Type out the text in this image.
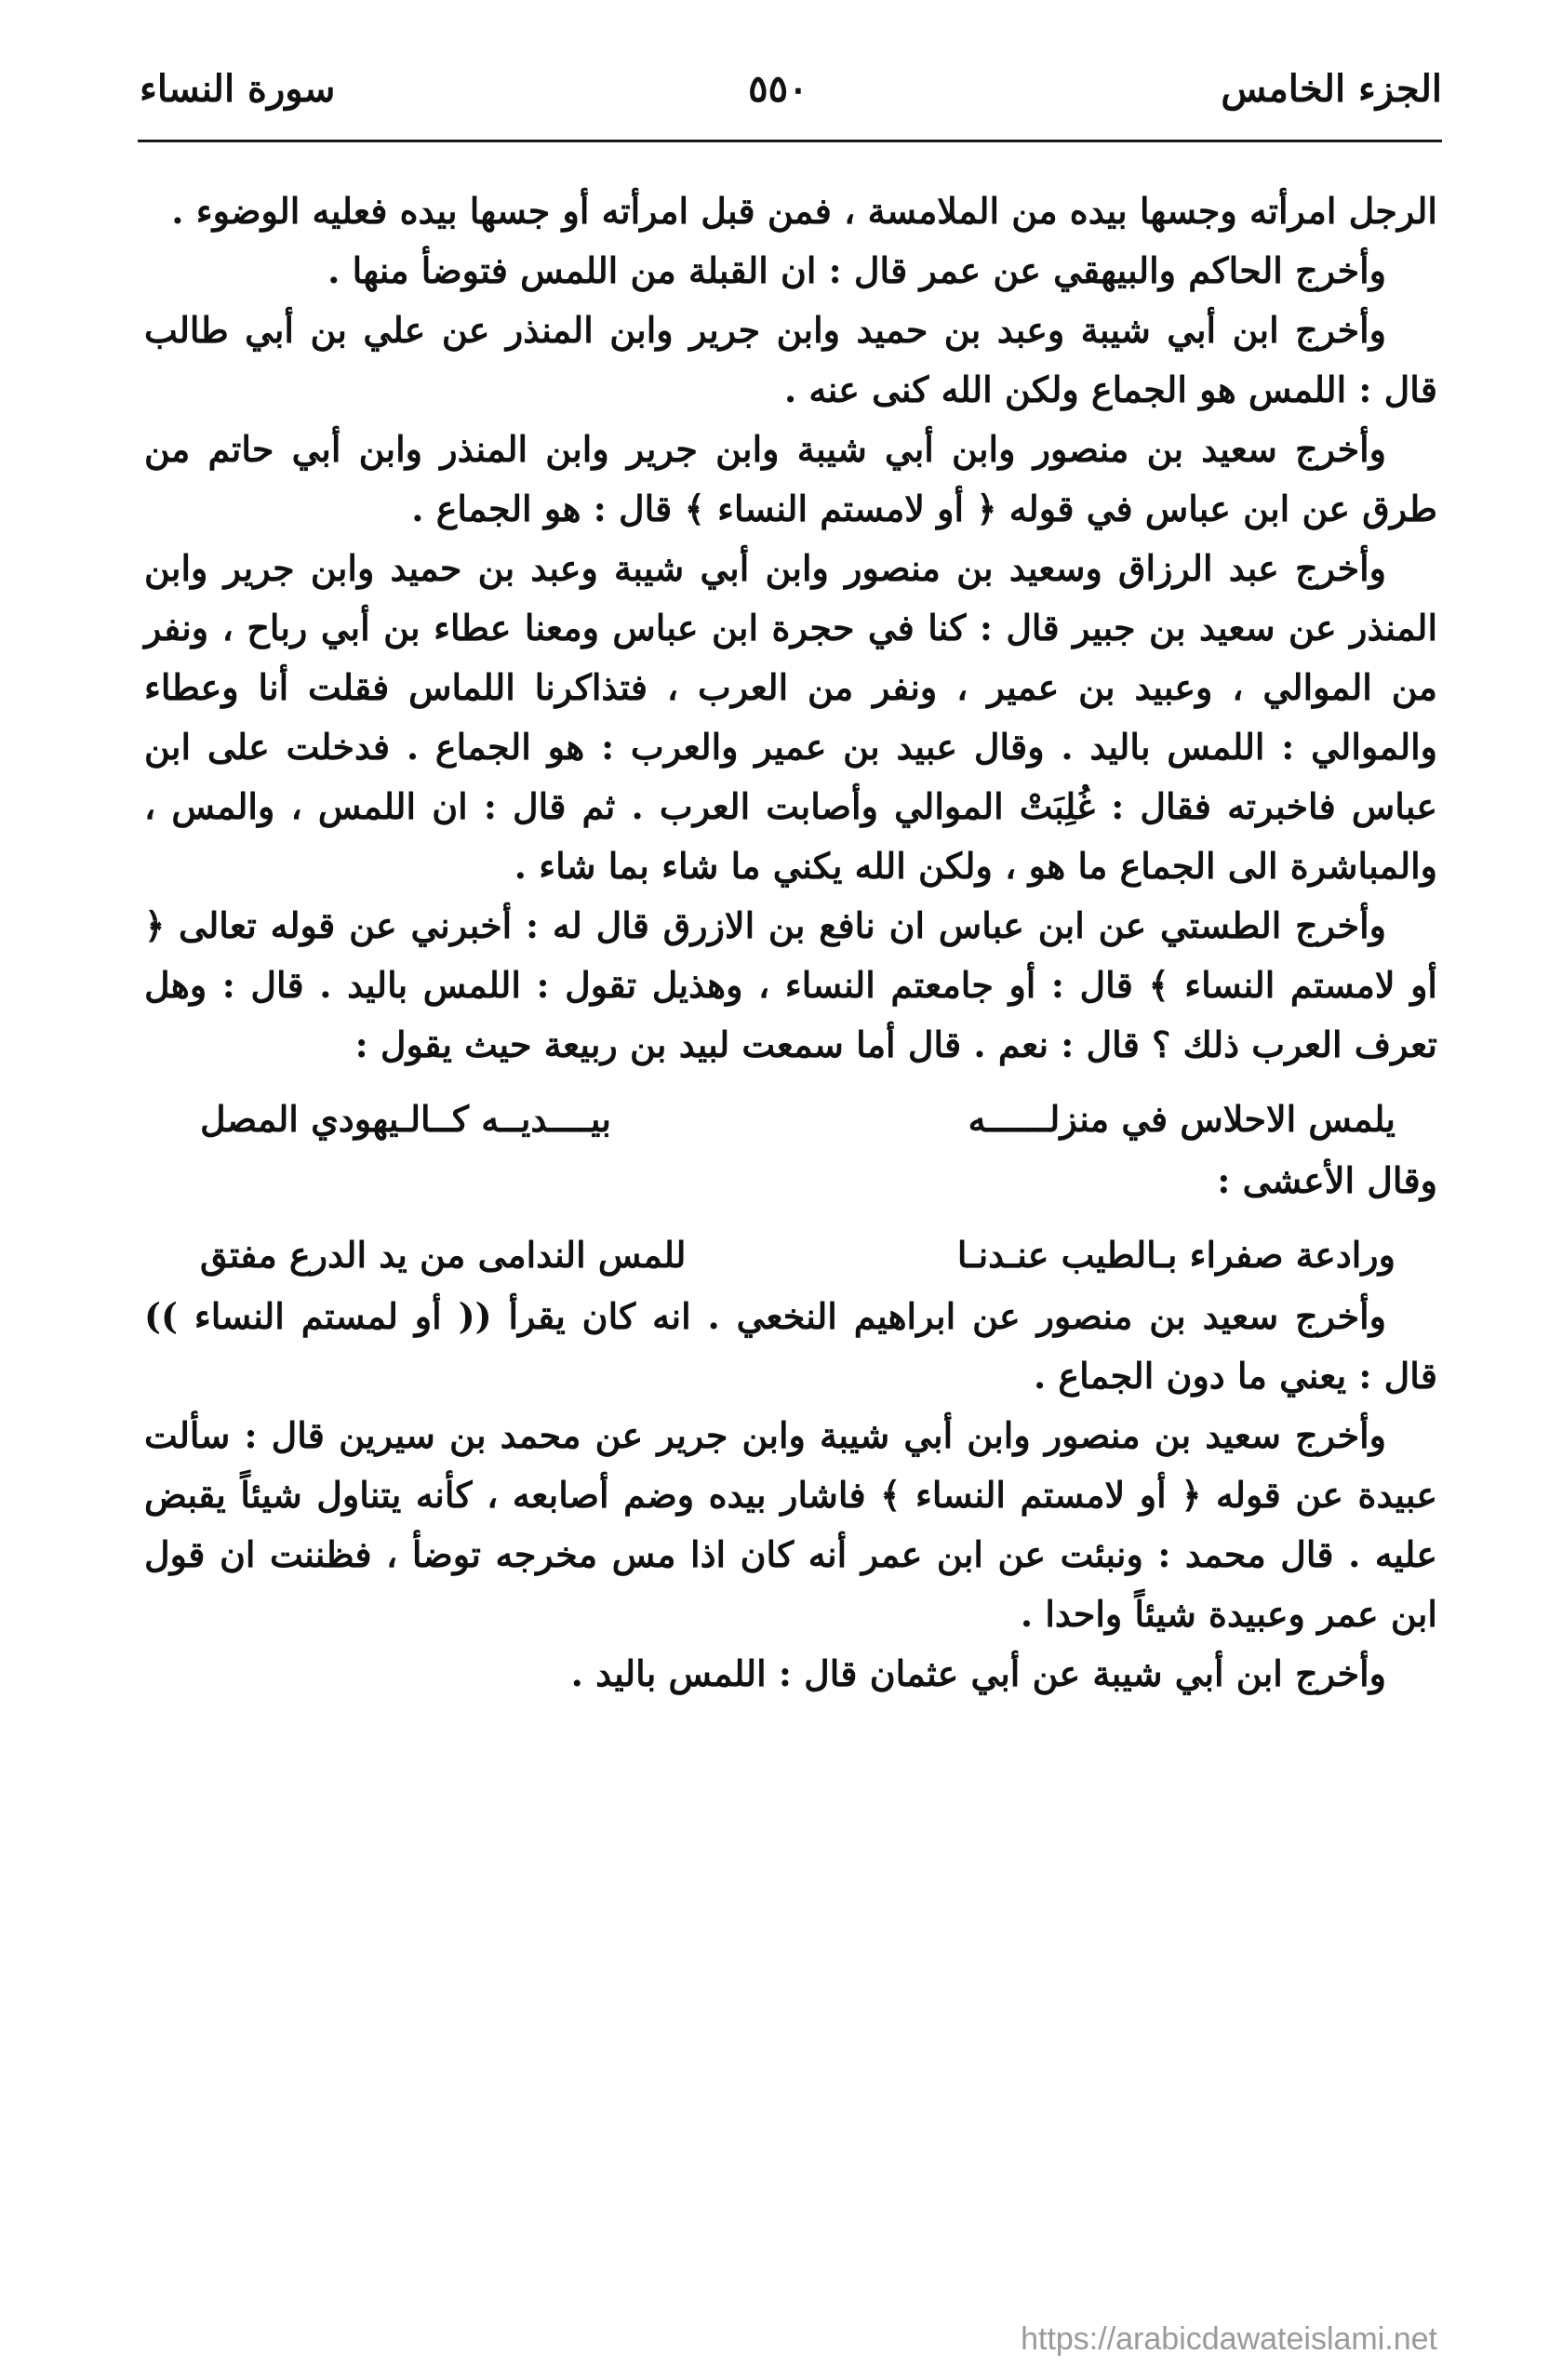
الجزء الخامس
٥٥٠
سورة النساء

الرجل امرأته وجسها بيده من الملامسة ، فمن قبل امرأته أو جسها بيده فعليه الوضوء .

وأخرج الحاكم والبيهقي عن عمر قال : ان القبلة من اللمس فتوضأ منها .

وأخرج ابن أبي شيبة وعبد بن حميد وابن جرير وابن المنذر عن علي بن أبي طالب قال : اللمس هو الجماع ولكن الله كنى عنه .

وأخرج سعيد بن منصور وابن أبي شيبة وابن جرير وابن المنذر وابن أبي حاتم من طرق عن ابن عباس في قوله ﴿ أو لامستم النساء ﴾ قال : هو الجماع .

وأخرج عبد الرزاق وسعيد بن منصور وابن أبي شيبة وعبد بن حميد وابن جرير وابن المنذر عن سعيد بن جبير قال : كنا في حجرة ابن عباس ومعنا عطاء بن أبي رباح ، ونفر من الموالي ، وعبيد بن عمير ، ونفر من العرب ، فتذاكرنا اللماس فقلت أنا وعطاء والموالي : اللمس باليد . وقال عبيد بن عمير والعرب : هو الجماع . فدخلت على ابن عباس فاخبرته فقال : غُلِبَتْ الموالي وأصابت العرب . ثم قال : ان اللمس ، والمس ، والمباشرة الى الجماع ما هو ، ولكن الله يكني ما شاء بما شاء .

وأخرج الطستي عن ابن عباس ان نافع بن الازرق قال له : أخبرني عن قوله تعالى ﴿ أو لامستم النساء ﴾ قال : أو جامعتم النساء ، وهذيل تقول : اللمس باليد . قال : وهل تعرف العرب ذلك ؟ قال : نعم . قال أما سمعت لبيد بن ربيعة حيث يقول :

يلمس الاحلاس في منزلــــــه
بيــــديــه كــالـيهودي المصل

وقال الأعشى :

ورادعة صفراء بـالطيب عنـدنـا
للمس الندامى من يد الدرع مفتق

وأخرج سعيد بن منصور عن ابراهيم النخعي . انه كان يقرأ (( أو لمستم النساء )) قال : يعني ما دون الجماع .

وأخرج سعيد بن منصور وابن أبي شيبة وابن جرير عن محمد بن سيرين قال : سألت عبيدة عن قوله ﴿ أو لامستم النساء ﴾ فاشار بيده وضم أصابعه ، كأنه يتناول شيئاً يقبض عليه . قال محمد : ونبئت عن ابن عمر أنه كان اذا مس مخرجه توضأ ، فظننت ان قول ابن عمر وعبيدة شيئاً واحدا .

وأخرج ابن أبي شيبة عن أبي عثمان قال : اللمس باليد .

https://arabicdawateislami.net
